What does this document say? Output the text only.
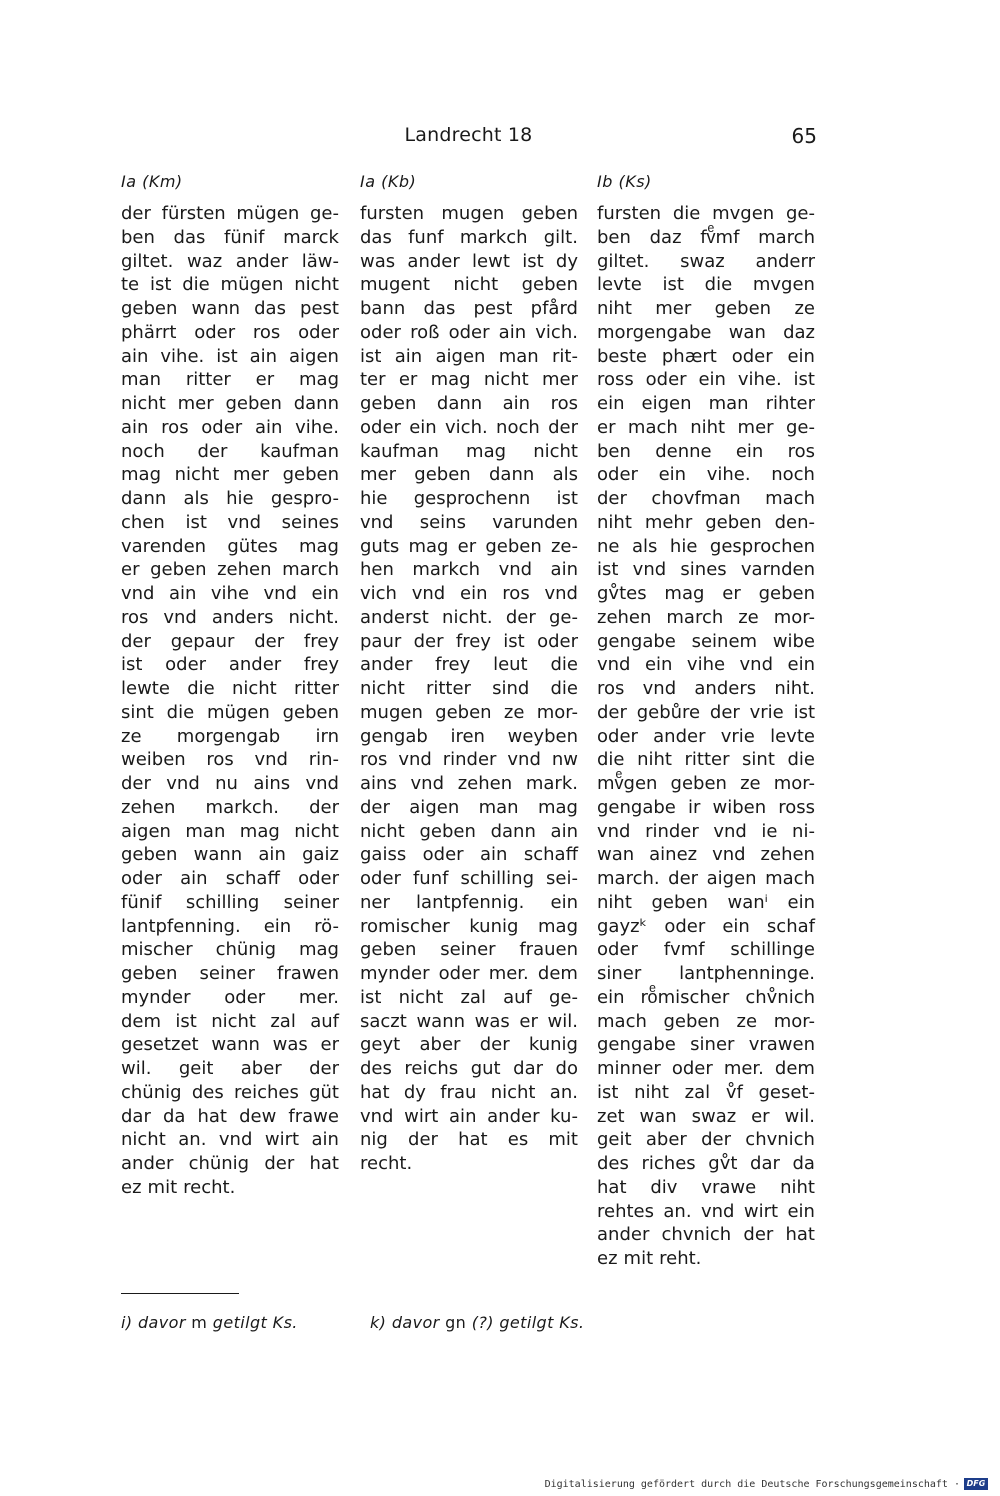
Landrecht 18	65
Ia (Km)
der fürsten mügen ge-
ben das fünif marck
giltet. waz ander läw-
te ist die mügen nicht
geben wann das pest
phärrt oder ros oder
ain vihe. ist ain aigen
man ritter er mag
nicht mer geben dann
ain ros oder ain vihe.
noch der kaufman
mag nicht mer geben
dann als hie gespro-
chen ist vnd seines
varenden gütes mag
er geben zehen march
vnd ain vihe vnd ein
ros vnd anders nicht.
der gepaur der frey
ist oder ander frey
lewte die nicht ritter
sint die mügen geben
ze morgengab irn
weiben ros vnd rin-
der vnd nu ains vnd
zehen markch. der
aigen man mag nicht
geben wann ain gaiz
oder ain schaff oder
fünif schilling seiner
lantpfenning. ein rö-
mischer chünig mag
geben seiner frawen
mynder oder mer.
dem ist nicht zal auf
gesetzet wann was er
wil. geit aber der
chünig des reiches güt
dar da hat dew frawe
nicht an. vnd wirt ain
ander chünig der hat
ez mit recht.
Ia (Kb)
fursten mugen geben
das funf markch gilt.
was ander lewt ist dy
mugent nicht geben
bann das pest pfård
oder roß oder ain vich.
ist ain aigen man rit-
ter er mag nicht mer
geben dann ain ros
oder ein vich. noch der
kaufman mag nicht
mer geben dann als
hie gesprochenn ist
vnd seins varunden
guts mag er geben ze-
hen markch vnd ain
vich vnd ein ros vnd
anderst nicht. der ge-
paur der frey ist oder
ander frey leut die
nicht ritter sind die
mugen geben ze mor-
gengab iren weyben
ros vnd rinder vnd nw
ains vnd zehen mark.
der aigen man mag
nicht geben dann ain
gaiss oder ain schaff
oder funf schilling sei-
ner lantpfennig. ein
romischer kunig mag
geben seiner frauen
mynder oder mer. dem
ist nicht zal auf ge-
saczt wann was er wil.
geyt aber der kunig
des reichs gut dar do
hat dy frau nicht an.
vnd wirt ain ander ku-
nig der hat es mit
recht.
Ib (Ks)
fursten die mvgen ge-
ben daz fvͤmf march
giltet. swaz anderr
levte ist die mvgen
niht mer geben ze
morgengabe wan daz
beste phært oder ein
ross oder ein vihe. ist
ein eigen man rihter
er mach niht mer ge-
ben denne ein ros
oder ein vihe. noch
der chovfman mach
niht mehr geben den-
ne als hie gesprochen
ist vnd sines varnden
gv̊tes mag er geben
zehen march ze mor-
gengabe seinem wibe
vnd ein vihe vnd ein
ros vnd anders niht.
der gebůre der vrie ist
oder ander vrie levte
die niht ritter sint die
mvͤgen geben ze mor-
gengabe ir wiben ross
vnd rinder vnd ie ni-
wan ainez vnd zehen
march. der aigen mach
niht geben wanⁱ ein
gayzᵏ oder ein schaf
oder fvmf schillinge
siner lantphenninge.
ein roͤmischer chv̊nich
mach geben ze mor-
gengabe siner vrawen
minner oder mer. dem
ist niht zal v̊f geset-
zet wan swaz er wil.
geit aber der chvnich
des riches gv̊t dar da
hat div vrawe niht
rehtes an. vnd wirt ein
ander chvnich der hat
ez mit reht.
i) davor m getilgt Ks.	k) davor gn (?) getilgt Ks.
Digitalisierung gefördert durch die Deutsche Forschungsgemeinschaft · DFG
